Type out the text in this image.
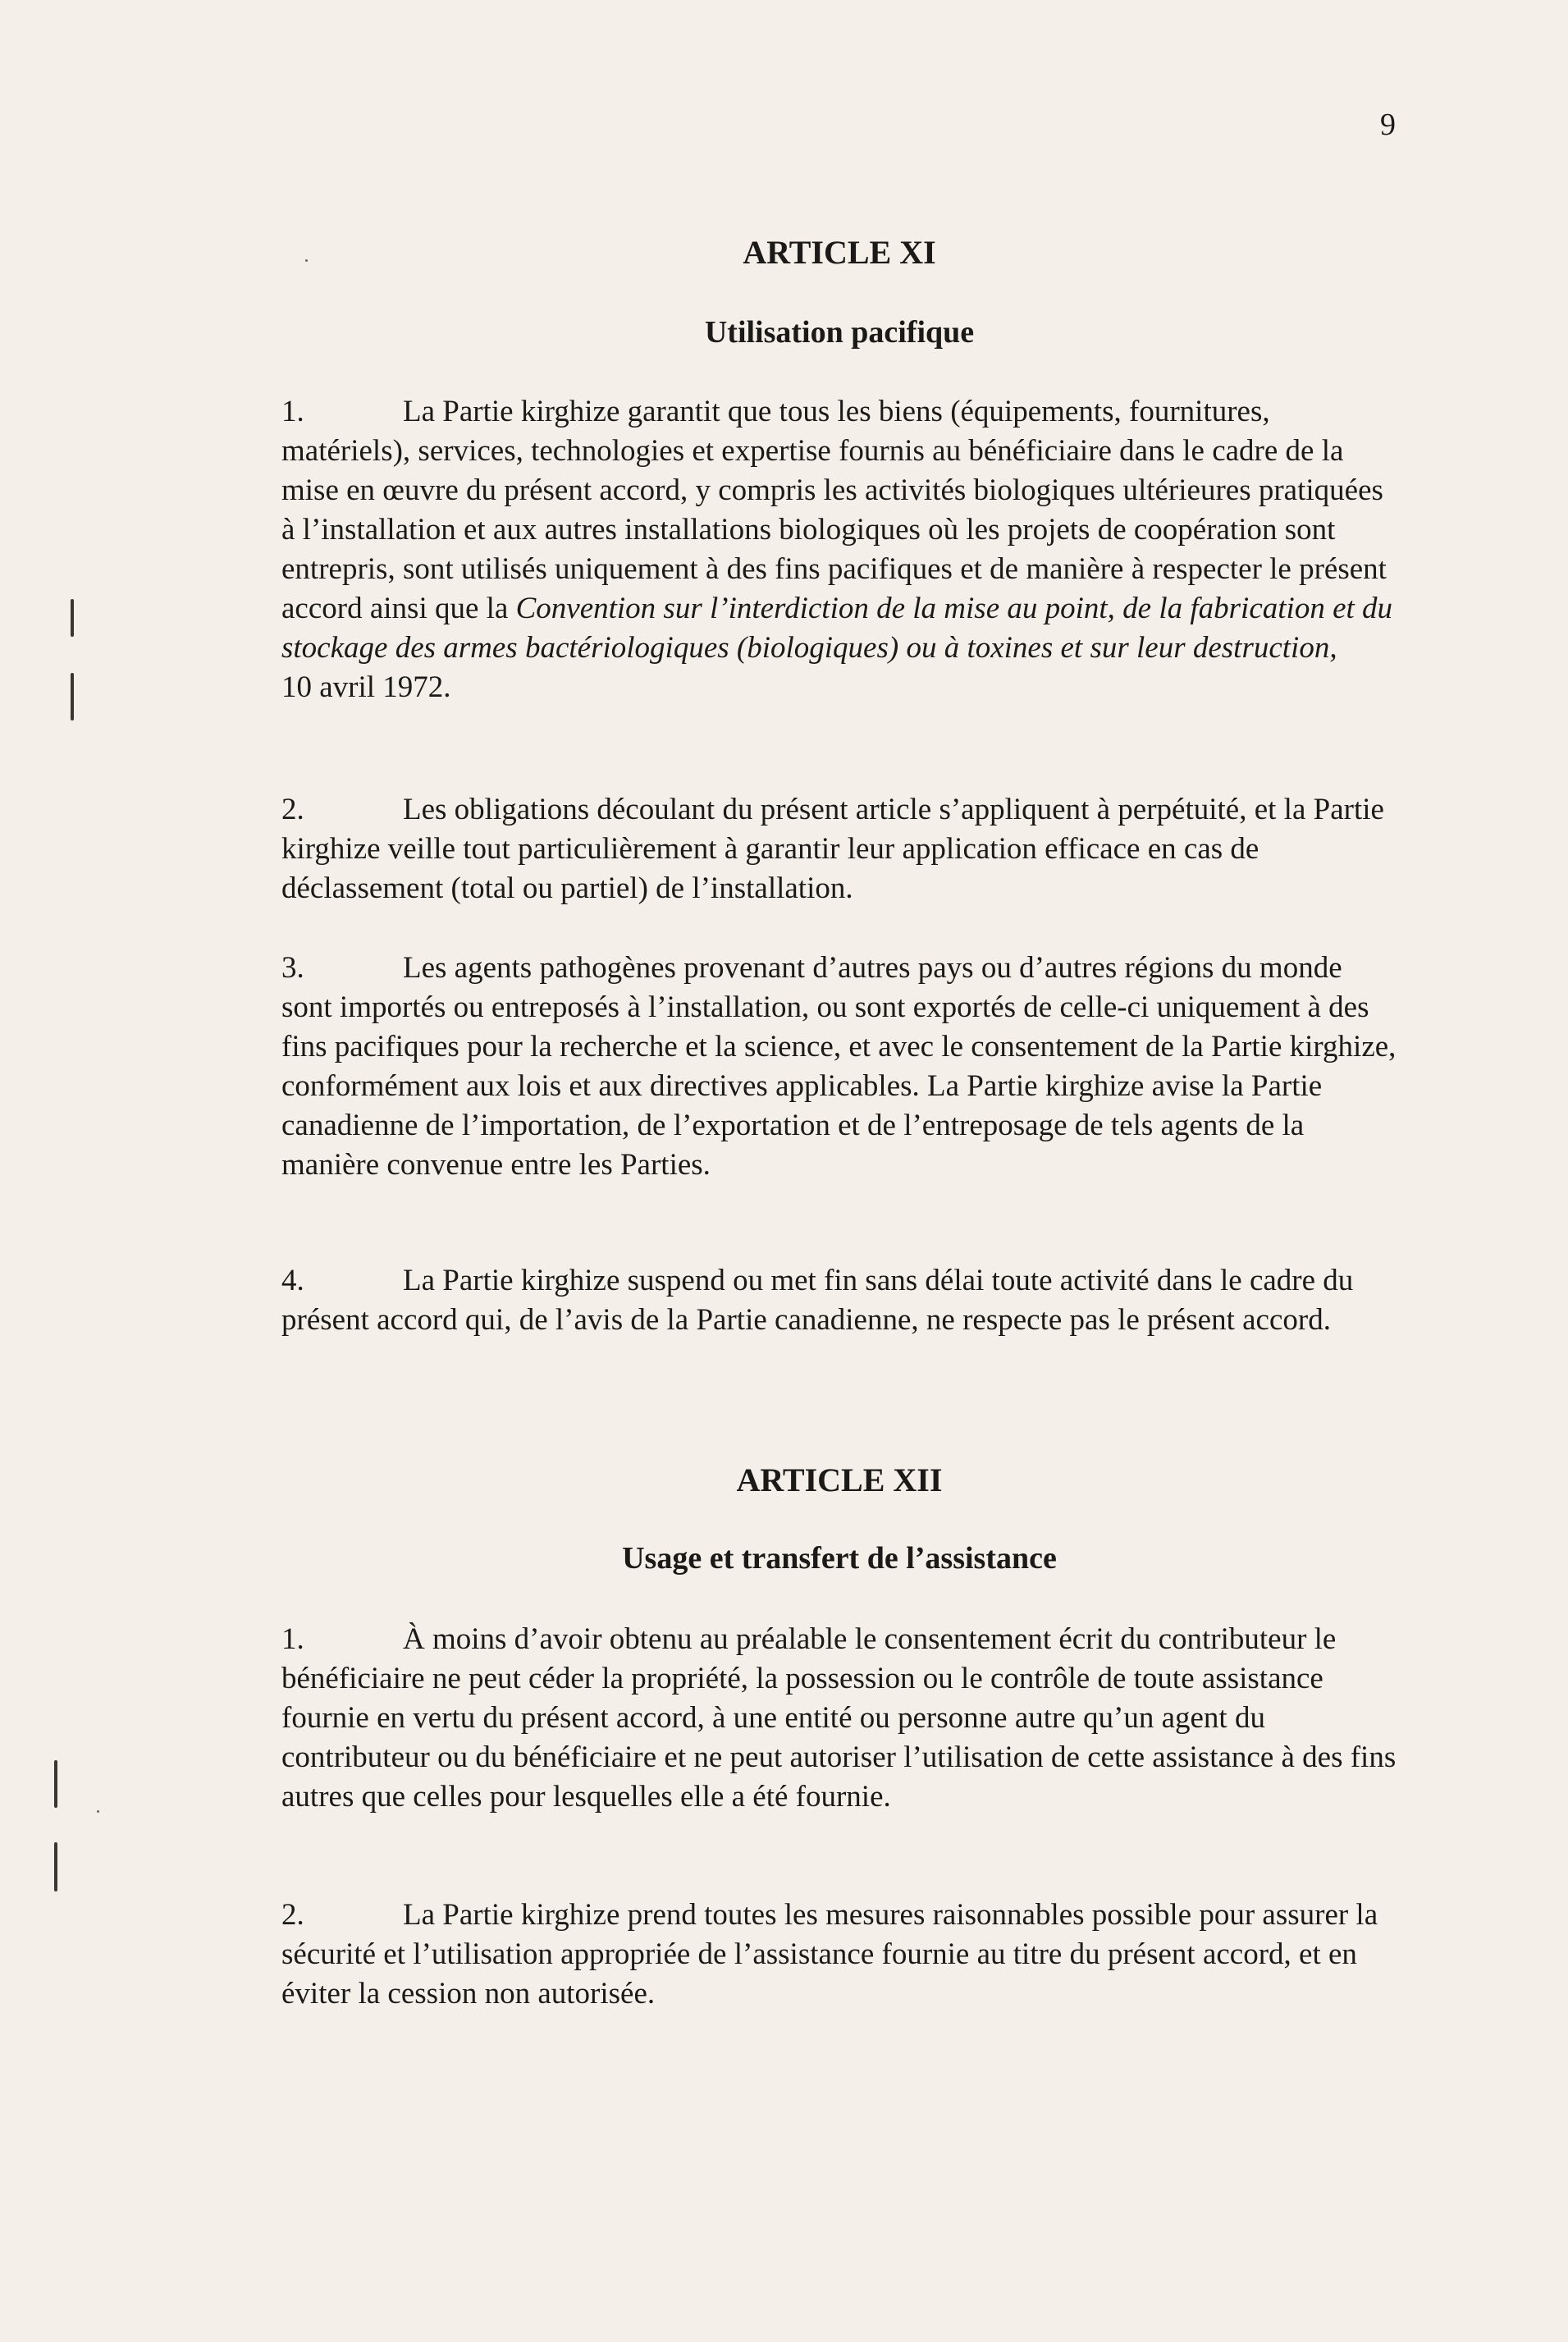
9
ARTICLE XI
Utilisation pacifique

1.	La Partie kirghize garantit que tous les biens (équipements, fournitures, matériels), services, technologies et expertise fournis au bénéficiaire dans le cadre de la mise en œuvre du présent accord, y compris les activités biologiques ultérieures pratiquées à l’installation et aux autres installations biologiques où les projets de coopération sont entrepris, sont utilisés uniquement à des fins pacifiques et de manière à respecter le présent accord ainsi que la Convention sur l’interdiction de la mise au point, de la fabrication et du stockage des armes bactériologiques (biologiques) ou à toxines et sur leur destruction,
10 avril 1972.

2.	Les obligations découlant du présent article s’appliquent à perpétuité, et la Partie kirghize veille tout particulièrement à garantir leur application efficace en cas de déclassement (total ou partiel) de l’installation.

3.	Les agents pathogènes provenant d’autres pays ou d’autres régions du monde sont importés ou entreposés à l’installation, ou sont exportés de celle-ci uniquement à des fins pacifiques pour la recherche et la science, et avec le consentement de la Partie kirghize, conformément aux lois et aux directives applicables. La Partie kirghize avise la Partie canadienne de l’importation, de l’exportation et de l’entreposage de tels agents de la manière convenue entre les Parties.

4.	La Partie kirghize suspend ou met fin sans délai toute activité dans le cadre du présent accord qui, de l’avis de la Partie canadienne, ne respecte pas le présent accord.

ARTICLE XII
Usage et transfert de l’assistance

1.	À moins d’avoir obtenu au préalable le consentement écrit du contributeur le bénéficiaire ne peut céder la propriété, la possession ou le contrôle de toute assistance fournie en vertu du présent accord, à une entité ou personne autre qu’un agent du contributeur ou du bénéficiaire et ne peut autoriser l’utilisation de cette assistance à des fins autres que celles pour lesquelles elle a été fournie.

2.	La Partie kirghize prend toutes les mesures raisonnables possible pour assurer la sécurité et l’utilisation appropriée de l’assistance fournie au titre du présent accord, et en éviter la cession non autorisée.
